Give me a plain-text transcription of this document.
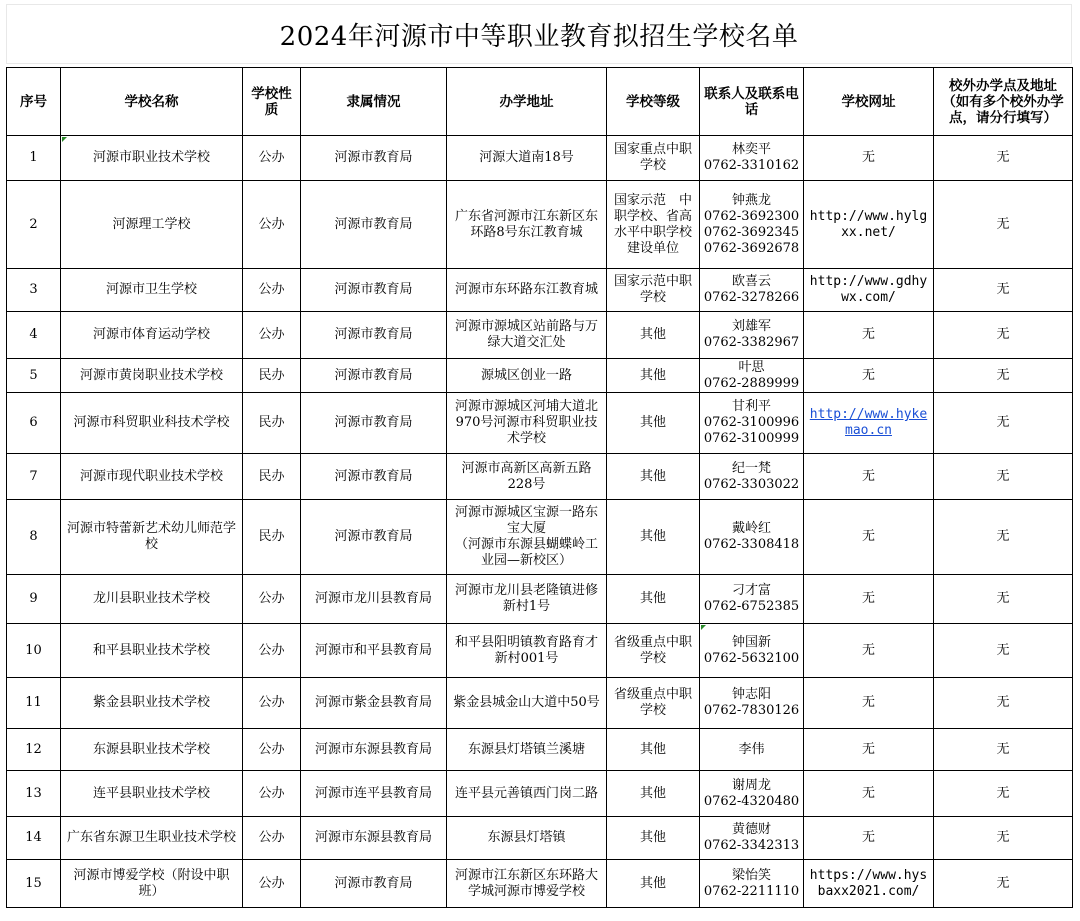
2024年河源市中等职业教育拟招生学校名单
序号	学校名称	学校性质	隶属情况	办学地址	学校等级	联系人及联系电话	学校网址	校外办学点及地址（如有多个校外办学点，请分行填写）

1	河源市职业技术学校	公办	河源市教育局	河源大道南18号	国家重点中职学校	林奕平
0762-3310162	无	无

2	河源理工学校	公办	河源市教育局	广东省河源市江东新区东环路8号东江教育城	国家示范　中职学校、省高水平中职学校建设单位	钟燕龙
0762-3692300
0762-3692345
0762-3692678	http://www.hylgxx.net/	无

3	河源市卫生学校	公办	河源市教育局	河源市东环路东江教育城	国家示范中职学校	欧喜云
0762-3278266	http://www.gdhywx.com/	无

4	河源市体育运动学校	公办	河源市教育局	河源市源城区站前路与万绿大道交汇处	其他	刘雄军
0762-3382967	无	无

5	河源市黄岗职业技术学校	民办	河源市教育局	源城区创业一路	其他	叶思
0762-2889999	无	无

6	河源市科贸职业科技术学校	民办	河源市教育局	河源市源城区河埔大道北970号河源市科贸职业技术学校	其他	甘利平
0762-3100996
0762-3100999	http://www.hykemao.cn	无

7	河源市现代职业技术学校	民办	河源市教育局	河源市高新区高新五路228号	其他	纪一梵
0762-3303022	无	无

8	河源市特蕾新艺术幼儿师范学校	民办	河源市教育局	河源市源城区宝源一路东宝大厦
（河源市东源县蝴蝶岭工业园—新校区）	其他	戴岭红
0762-3308418	无	无

9	龙川县职业技术学校	公办	河源市龙川县教育局	河源市龙川县老隆镇进修新村1号	其他	刁才富
0762-6752385	无	无

10	和平县职业技术学校	公办	河源市和平县教育局	和平县阳明镇教育路育才新村001号	省级重点中职学校	钟国新
0762-5632100	无	无

11	紫金县职业技术学校	公办	河源市紫金县教育局	紫金县城金山大道中50号	省级重点中职学校	钟志阳
0762-7830126	无	无

12	东源县职业技术学校	公办	河源市东源县教育局	东源县灯塔镇兰溪塘	其他	李伟	无	无

13	连平县职业技术学校	公办	河源市连平县教育局	连平县元善镇西门岗二路	其他	谢周龙
0762-4320480	无	无

14	广东省东源卫生职业技术学校	公办	河源市东源县教育局	东源县灯塔镇	其他	黄德财
0762-3342313	无	无

15	河源市博爱学校（附设中职班）	公办	河源市教育局	河源市江东新区东环路大学城河源市博爱学校	其他	梁怡笑
0762-2211110	https://www.hysbaxx2021.com/	无
